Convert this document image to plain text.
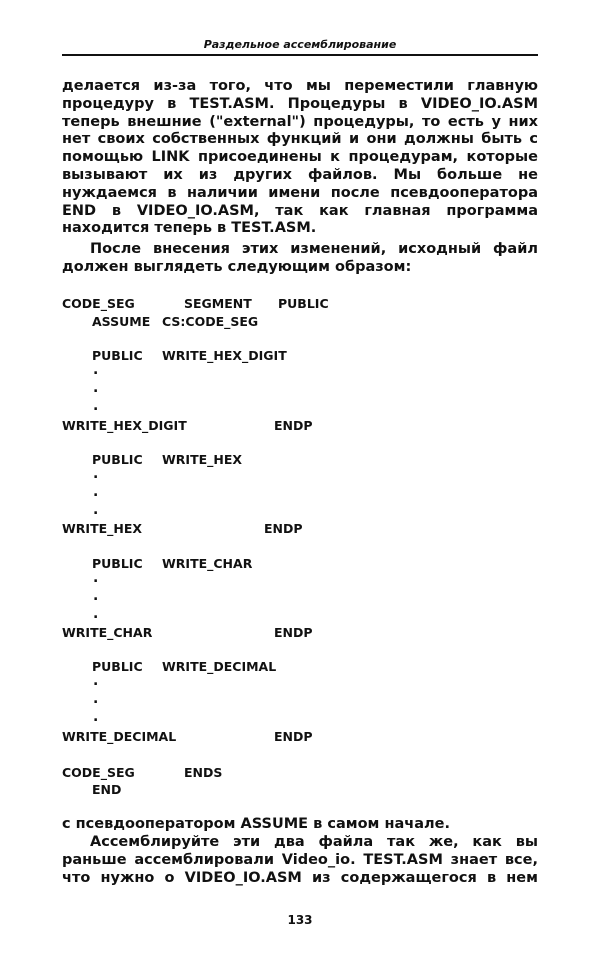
Раздельное ассемблирование
делается из-за того, что мы переместили главную
процедуру в TEST.ASM. Процедуры в VIDEO_IO.ASM
теперь внешние ("external") процедуры, то есть у них
нет своих собственных функций и они должны быть с
помощью LINK присоединены к процедурам, которые
вызывают их из других файлов. Мы больше не
нуждаемся в наличии имени после псевдооператора
END в VIDEO_IO.ASM, так как главная программа
находится теперь в TEST.ASM.
После внесения этих изменений, исходный файл
должен выглядеть следующим образом:
CODE_SEG	SEGMENT PUBLIC
ASSUME CS:CODE_SEG
PUBLIC WRITE_HEX_DIGIT
.
.
.
WRITE_HEX_DIGIT	ENDP
PUBLIC WRITE_HEX
.
.
.
WRITE_HEX	ENDP
PUBLIC WRITE_CHAR
.
.
.
WRITE_CHAR	ENDP
PUBLIC WRITE_DECIMAL
.
.
.
WRITE_DECIMAL	ENDP
CODE_SEG	ENDS
END
с псевдооператором ASSUME в самом начале.
Ассемблируйте эти два файла так же, как вы
раньше ассемблировали Video_io. TEST.ASM знает все,
что нужно о VIDEO_IO.ASM из содержащегося в нем
133
